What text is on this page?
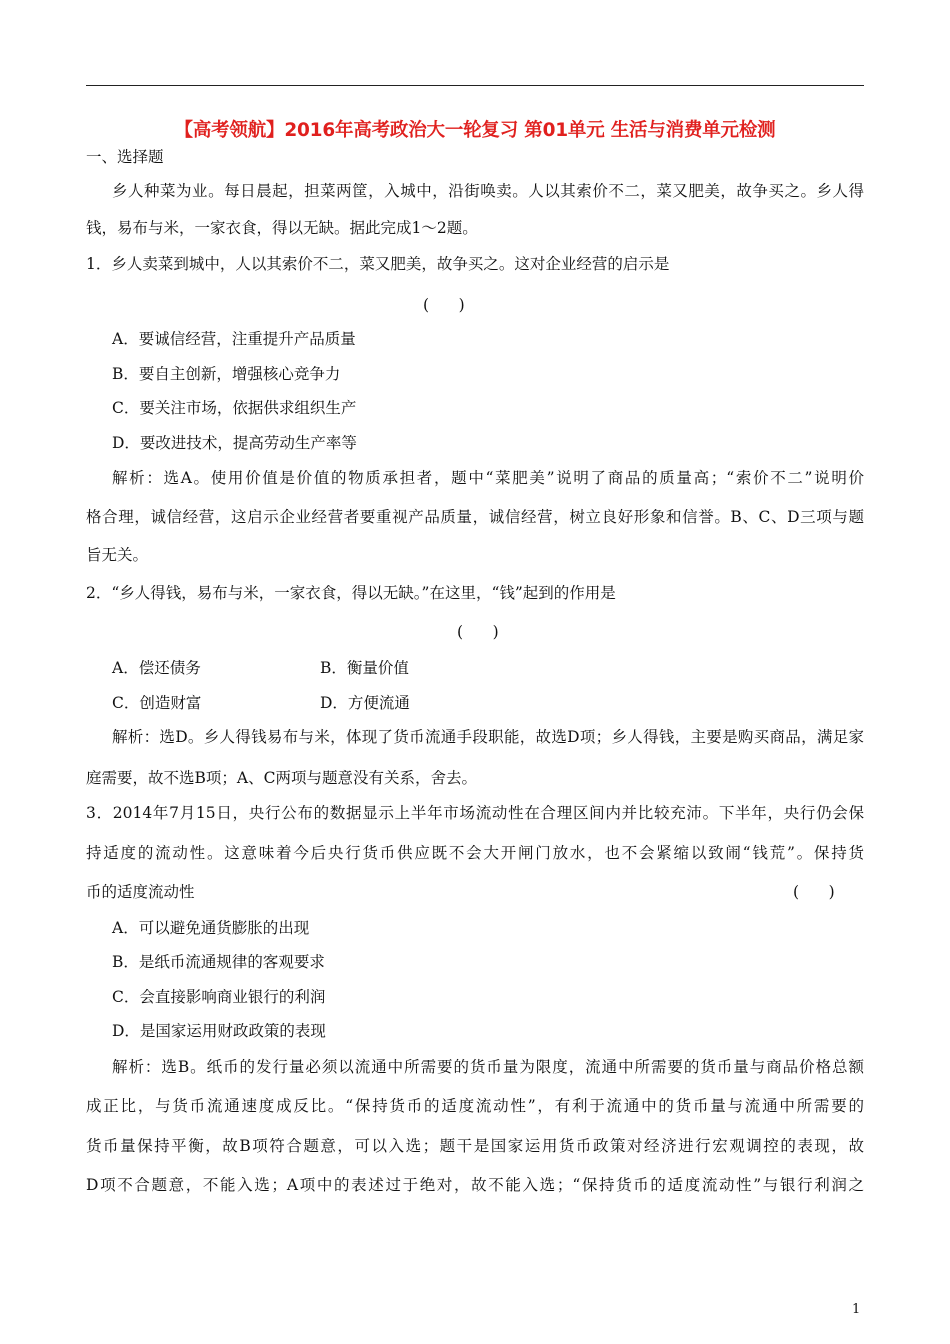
【高考领航】2016年高考政治大一轮复习 第01单元 生活与消费单元检测
一、选择题
乡人种菜为业。每日晨起，担菜两筐，入城中，沿街唤卖。人以其索价不二，菜又肥美，故争买之。乡人得
钱，易布与米，一家衣食，得以无缺。据此完成1～2题。
1．乡人卖菜到城中，人以其索价不二，菜又肥美，故争买之。这对企业经营的启示是
(      )
A．要诚信经营，注重提升产品质量
B．要自主创新，增强核心竞争力
C．要关注市场，依据供求组织生产
D．要改进技术，提高劳动生产率等
解析：选A。使用价值是价值的物质承担者，题中“菜肥美”说明了商品的质量高；“索价不二”说明价
格合理，诚信经营，这启示企业经营者要重视产品质量，诚信经营，树立良好形象和信誉。B、C、D三项与题
旨无关。
2．“乡人得钱，易布与米，一家衣食，得以无缺。”在这里，“钱”起到的作用是
(      )
A．偿还债务	B．衡量价值
C．创造财富	D．方便流通
解析：选D。乡人得钱易布与米，体现了货币流通手段职能，故选D项；乡人得钱，主要是购买商品，满足家
庭需要，故不选B项；A、C两项与题意没有关系，舍去。
3．2014年7月15日，央行公布的数据显示上半年市场流动性在合理区间内并比较充沛。下半年，央行仍会保
持适度的流动性。这意味着今后央行货币供应既不会大开闸门放水，也不会紧缩以致闹“钱荒”。保持货
币的适度流动性	(      )
A．可以避免通货膨胀的出现
B．是纸币流通规律的客观要求
C．会直接影响商业银行的利润
D．是国家运用财政政策的表现
解析：选B。纸币的发行量必须以流通中所需要的货币量为限度，流通中所需要的货币量与商品价格总额
成正比，与货币流通速度成反比。“保持货币的适度流动性”，有利于流通中的货币量与流通中所需要的
货币量保持平衡，故B项符合题意，可以入选；题干是国家运用货币政策对经济进行宏观调控的表现，故
D项不合题意，不能入选；A项中的表述过于绝对，故不能入选；“保持货币的适度流动性”与银行利润之
1
